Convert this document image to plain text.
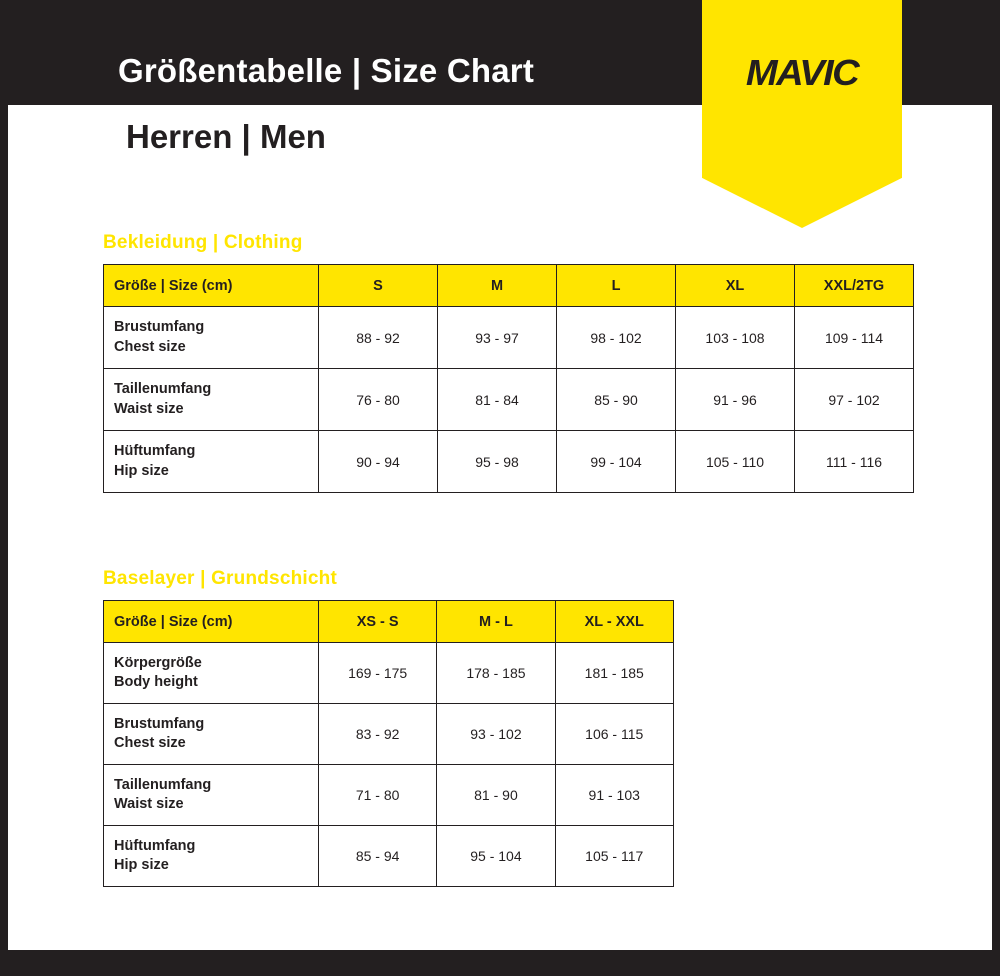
Größentabelle | Size Chart	MAVIC
Herren | Men
Bekleidung | Clothing
Größe | Size (cm)	S	M	L	XL	XXL/2TG

Brustumfang
Chest size	88 - 92	93 - 97	98 - 102	103 - 108	109 - 114

Taillenumfang
Waist size	76 - 80	81 - 84	85 - 90	91 - 96	97 - 102

Hüftumfang
Hip size	90 - 94	95 - 98	99 - 104	105 - 110	111 - 116
Baselayer | Grundschicht
Größe | Size (cm)	XS - S	M - L	XL - XXL

Körpergröße
Body height	169 - 175	178 - 185	181 - 185

Brustumfang
Chest size	83 - 92	93 - 102	106 - 115

Taillenumfang
Waist size	71 - 80	81 - 90	91 - 103

Hüftumfang
Hip size	85 - 94	95 - 104	105 - 117
